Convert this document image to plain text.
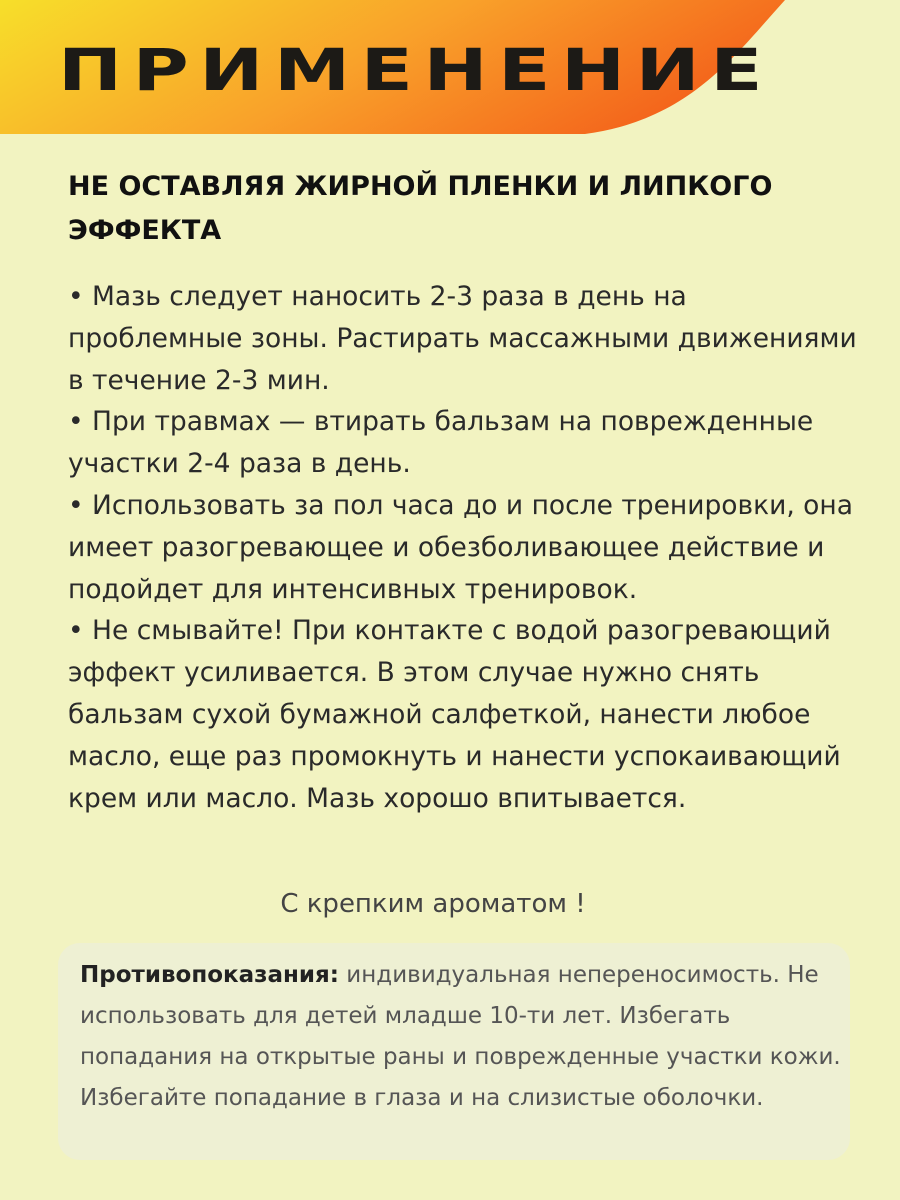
ПРИМЕНЕНИЕ
НЕ ОСТАВЛЯЯ ЖИРНОЙ ПЛЕНКИ И ЛИПКОГО ЭФФЕКТА

• Мазь следует наносить 2-3 раза в день на проблемные зоны. Растирать массажными движениями в течение 2-3 мин.

• При травмах — втирать бальзам на поврежденные участки 2-4 раза в день.

• Использовать за пол часа до и после тренировки, она имеет разогревающее и обезболивающее действие и подойдет для интенсивных тренировок.

• Не смывайте! При контакте с водой разогревающий эффект усиливается. В этом случае нужно снять бальзам сухой бумажной салфеткой, нанести любое масло, еще раз промокнуть и нанести успокаивающий крем или масло. Мазь хорошо впитывается.

С крепким ароматом !

Противопоказания: индивидуальная непереносимость. Не использовать для детей младше 10-ти лет. Избегать попадания на открытые раны и поврежденные участки кожи. Избегайте попадание в глаза и на слизистые оболочки.
